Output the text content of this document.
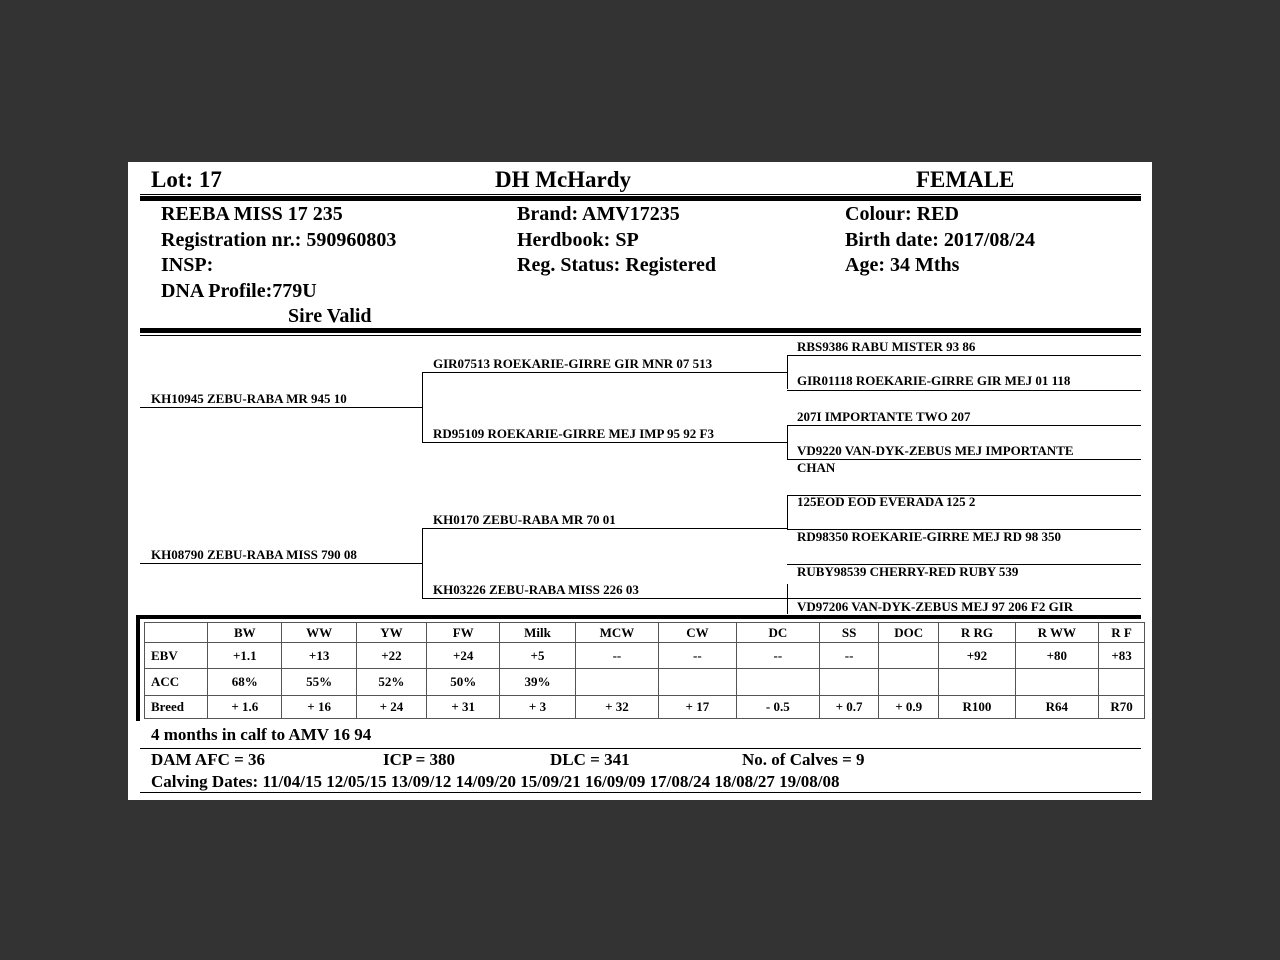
Lot: 17	DH McHardy	FEMALE
REEBA MISS 17 235
Registration nr.: 590960803
INSP:
DNA Profile:779U
Sire Valid
Brand: AMV17235
Herdbook: SP
Reg. Status: Registered
Colour: RED
Birth date: 2017/08/24
Age: 34 Mths
KH10945 ZEBU-RABA MR 945 10
KH08790 ZEBU-RABA MISS 790 08
GIR07513 ROEKARIE-GIRRE GIR MNR 07 513
RD95109 ROEKARIE-GIRRE MEJ IMP 95 92 F3
KH0170 ZEBU-RABA MR 70 01
KH03226 ZEBU-RABA MISS 226 03
RBS9386 RABU MISTER 93 86
GIR01118 ROEKARIE-GIRRE GIR MEJ 01 118
207I IMPORTANTE TWO 207
VD9220 VAN-DYK-ZEBUS MEJ IMPORTANTE
CHAN
125EOD EOD EVERADA 125 2
RD98350 ROEKARIE-GIRRE MEJ RD 98 350
RUBY98539 CHERRY-RED RUBY 539
VD97206 VAN-DYK-ZEBUS MEJ 97 206 F2 GIR
	BW	WW	YW	FW	Milk	MCW	CW	DC	SS	DOC	R RG	R WW	R F
EBV	+1.1	+13	+22	+24	+5	--	--	--	--		+92	+80	+83
ACC	68%	55%	52%	50%	39%								
Breed	+ 1.6	+ 16	+ 24	+ 31	+ 3	+ 32	+ 17	- 0.5	+ 0.7	+ 0.9	R100	R64	R70
4 months in calf to AMV 16 94
DAM AFC = 36	ICP = 380	DLC = 341	No. of Calves = 9
Calving Dates: 11/04/15 12/05/15 13/09/12 14/09/20 15/09/21 16/09/09 17/08/24 18/08/27 19/08/08
